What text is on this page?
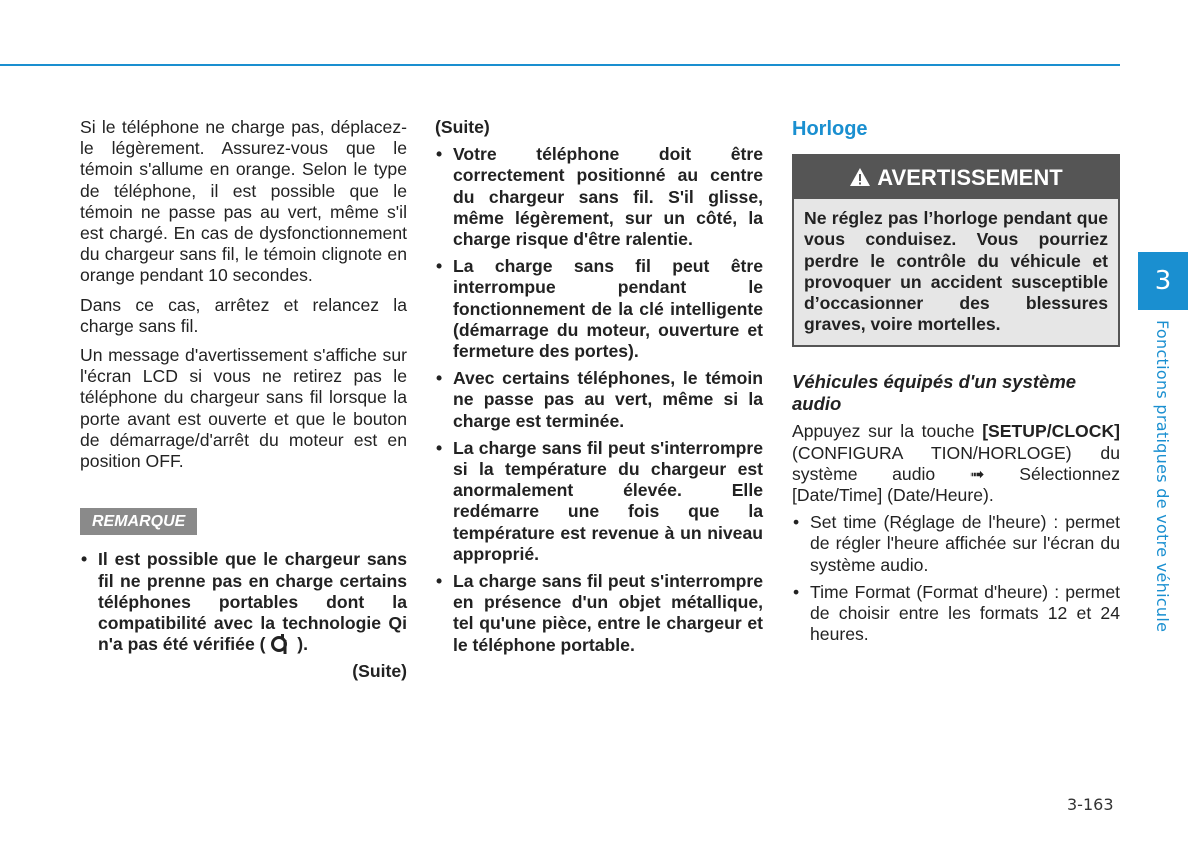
Si le téléphone ne charge pas, déplacez-le légèrement. Assurez-vous que le témoin s'allume en orange. Selon le type de téléphone, il est possible que le témoin ne passe pas au vert, même s'il est chargé. En cas de dysfonctionnement du chargeur sans fil, le témoin clignote en orange pendant 10 secondes.

Dans ce cas, arrêtez et relancez la charge sans fil.

Un message d'avertissement s'affiche sur l'écran LCD si vous ne retirez pas le téléphone du chargeur sans fil lorsque la porte avant est ouverte et que le bouton de démarrage/d'arrêt du moteur est en position OFF.

REMARQUE
• Il est possible que le chargeur sans fil ne prenne pas en charge certains téléphones portables dont la compatibilité avec la technologie Qi n'a pas été vérifiée ( ).
(Suite)
(Suite)
• Votre téléphone doit être correctement positionné au centre du chargeur sans fil. S'il glisse, même légèrement, sur un côté, la charge risque d'être ralentie.
• La charge sans fil peut être interrompue pendant le fonctionnement de la clé intelligente (démarrage du moteur, ouverture et fermeture des portes).
• Avec certains téléphones, le témoin ne passe pas au vert, même si la charge est terminée.
• La charge sans fil peut s'interrompre si la température du chargeur est anormalement élevée. Elle redémarre une fois que la température est revenue à un niveau approprié.
• La charge sans fil peut s'interrompre en présence d'un objet métallique, tel qu'une pièce, entre le chargeur et le téléphone portable.
Horloge
AVERTISSEMENT
Ne réglez pas l’horloge pendant que vous conduisez. Vous pourriez perdre le contrôle du véhicule et provoquer un accident susceptible d’occasionner des blessures graves, voire mortelles.
Véhicules équipés d'un système audio

Appuyez sur la touche [SETUP/CLOCK] (CONFIGURA TION/HORLOGE) du système audio ➟ Sélectionnez [Date/Time] (Date/Heure).

• Set time (Réglage de l'heure) : permet de régler l'heure affichée sur l'écran du système audio.
• Time Format (Format d'heure) : permet de choisir entre les formats 12 et 24 heures.
3
Fonctions pratiques de votre véhicule
3-163
